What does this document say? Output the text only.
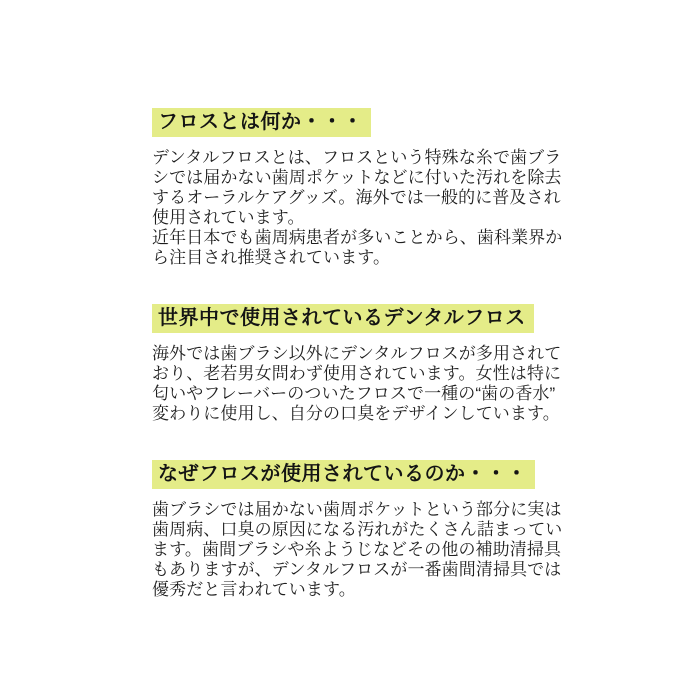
フロスとは何か・・・
デンタルフロスとは、フロスという特殊な糸で歯ブラ
シでは届かない歯周ポケットなどに付いた汚れを除去
するオーラルケアグッズ。海外では一般的に普及され
使用されています。
近年日本でも歯周病患者が多いことから、歯科業界か
ら注目され推奨されています。
世界中で使用されているデンタルフロス
海外では歯ブラシ以外にデンタルフロスが多用されて
おり、老若男女問わず使用されています。女性は特に
匂いやフレーバーのついたフロスで一種の“歯の香水”
変わりに使用し、自分の口臭をデザインしています。
なぜフロスが使用されているのか・・・
歯ブラシでは届かない歯周ポケットという部分に実は
歯周病、口臭の原因になる汚れがたくさん詰まってい
ます。歯間ブラシや糸ようじなどその他の補助清掃具
もありますが、デンタルフロスが一番歯間清掃具では
優秀だと言われています。
